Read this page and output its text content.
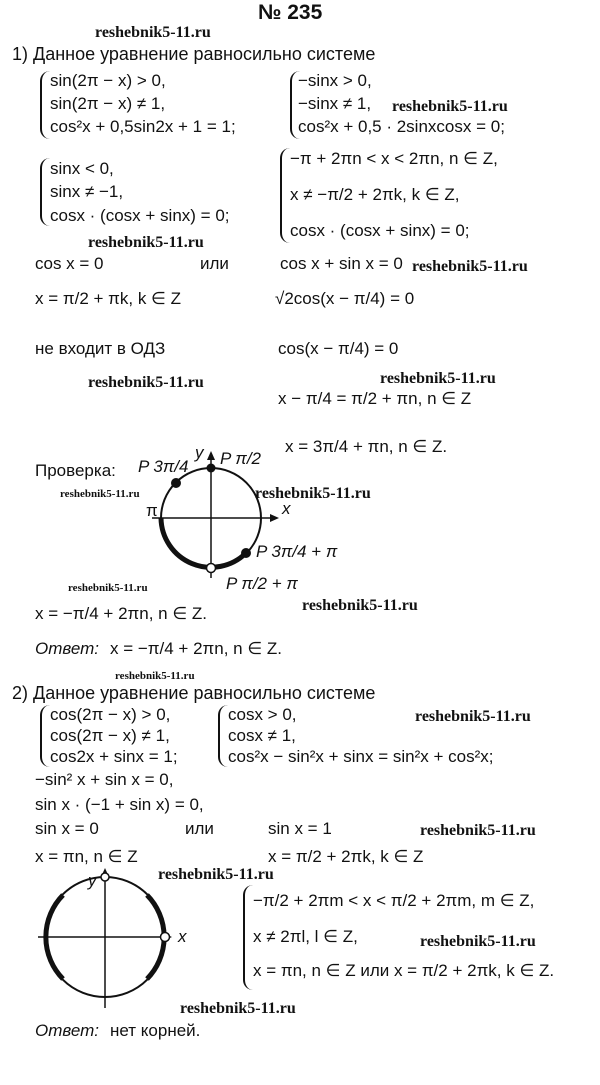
№ 235
reshebnik5-11.ru
1) Данное уравнение равносильно системе
sin(2π − x) > 0,
sin(2π − x) ≠ 1,
cos²x + 0,5sin2x + 1 = 1;
−sinx > 0,
−sinx ≠ 1,
cos²x + 0,5 · 2sinxcosx = 0;
reshebnik5-11.ru
sinx < 0,
sinx ≠ −1,
cosx · (cosx + sinx) = 0;
−π + 2πn < x < 2πn, n ∈ Z,
x ≠ −π/2 + 2πk, k ∈ Z,
cosx · (cosx + sinx) = 0;
reshebnik5-11.ru
cos x = 0	или	cos x + sin x = 0 reshebnik5-11.ru
x = π/2 + πk, k ∈ Z	√2cos(x − π/4) = 0
не входит в ОДЗ	cos(x − π/4) = 0
reshebnik5-11.ru	reshebnik5-11.ru
x − π/4 = π/2 + πn, n ∈ Z
x = 3π/4 + πn, n ∈ Z.
Проверка:
reshebnik5-11.ru	reshebnik5-11.ru
P 3π/4 P π/2
y
π	x
P 3π/4 + π
P π/2 + π
reshebnik5-11.ru
x = −π/4 + 2πn, n ∈ Z.	reshebnik5-11.ru
Ответ: x = −π/4 + 2πn, n ∈ Z.
reshebnik5-11.ru
2) Данное уравнение равносильно системе
cos(2π − x) > 0,
cos(2π − x) ≠ 1,
cos2x + sinx = 1;
cosx > 0,
cosx ≠ 1,
cos²x − sin²x + sinx = sin²x + cos²x;
reshebnik5-11.ru
−sin² x + sin x = 0,
sin x · (−1 + sin x) = 0,
sin x = 0	или	sin x = 1	reshebnik5-11.ru
x = πn, n ∈ Z	x = π/2 + 2πk, k ∈ Z
reshebnik5-11.ru
y
x
−π/2 + 2πm < x < π/2 + 2πm, m ∈ Z,
x ≠ 2πl, l ∈ Z,
x = πn, n ∈ Z или x = π/2 + 2πk, k ∈ Z.
reshebnik5-11.ru
reshebnik5-11.ru
Ответ: нет корней.
